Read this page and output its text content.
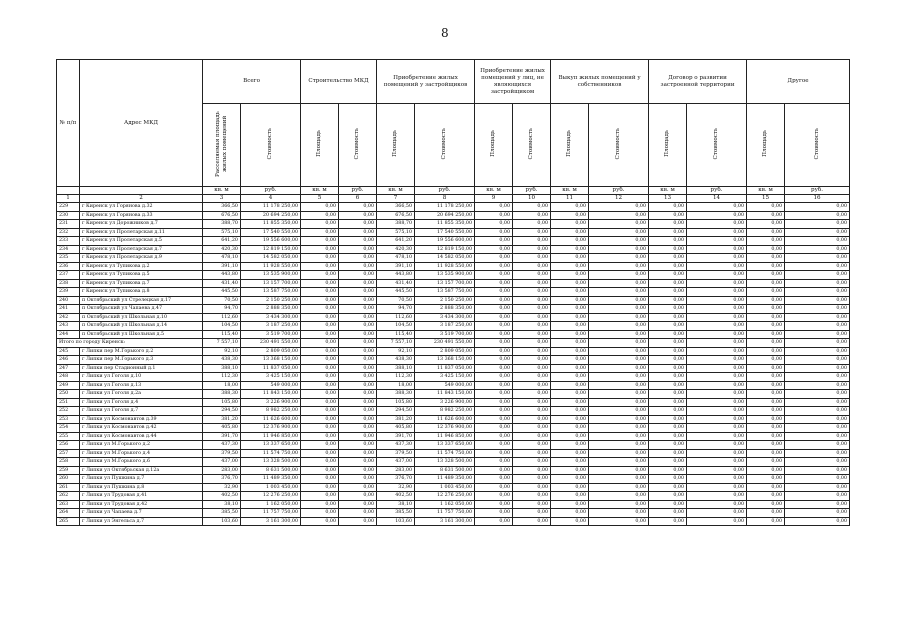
8
№ п/п	Адрес МКД	Всего		Строительство МКД		Приобретение жилых помещений у застройщиков		Приобретение жилых помещений у лиц, не являющихся застройщиком		Выкуп жилых помещений у собственников		Договор о развитии застроенной территории		Другое	
		Расселяемая площадь жилых помещений	Стоимость	Площадь	Стоимость	Площадь	Стоимость	Площадь	Стоимость	Площадь	Стоимость	Площадь	Стоимость	Площадь	Стоимость
		кв. м	руб.	кв. м	руб.	кв. м	руб.	кв. м	руб.	кв. м	руб.	кв. м	руб.	кв. м	руб.
1	2	3	4	5	6	7	8	9	10	11	12	13	14	15	16
229	г Киренск ул Горянова д.32	366,50	11 178 250,00	0,00	0,00	366,50	11 178 250,00	0,00	0,00	0,00	0,00	0,00	0,00	0,00	0,00
230	г Киренск ул Горянова д.33	676,50	20 694 250,00	0,00	0,00	676,50	20 694 250,00	0,00	0,00	0,00	0,00	0,00	0,00	0,00	0,00
231	г Киренск ул Дорожников д.7	388,70	11 855 350,00	0,00	0,00	388,70	11 855 350,00	0,00	0,00	0,00	0,00	0,00	0,00	0,00	0,00
232	г Киренск ул Пролетарская д.11	575,10	17 540 550,00	0,00	0,00	575,10	17 540 550,00	0,00	0,00	0,00	0,00	0,00	0,00	0,00	0,00
233	г Киренск ул Пролетарская д.5	641,20	19 556 600,00	0,00	0,00	641,20	19 556 600,00	0,00	0,00	0,00	0,00	0,00	0,00	0,00	0,00
234	г Киренск ул Пролетарская д.7	420,30	12 819 150,00	0,00	0,00	420,30	12 819 150,00	0,00	0,00	0,00	0,00	0,00	0,00	0,00	0,00
235	г Киренск ул Пролетарская д.9	478,10	14 582 050,00	0,00	0,00	478,10	14 582 050,00	0,00	0,00	0,00	0,00	0,00	0,00	0,00	0,00
236	г Киренск ул Тупикова д.2	391,10	11 928 550,00	0,00	0,00	391,10	11 928 550,00	0,00	0,00	0,00	0,00	0,00	0,00	0,00	0,00
237	г Киренск ул Тупикова д.5	443,80	13 535 900,00	0,00	0,00	443,80	13 535 900,00	0,00	0,00	0,00	0,00	0,00	0,00	0,00	0,00
238	г Киренск ул Тупикова д.7	431,40	13 157 700,00	0,00	0,00	431,40	13 157 700,00	0,00	0,00	0,00	0,00	0,00	0,00	0,00	0,00
239	г Киренск ул Тупикова д.8	445,50	13 587 750,00	0,00	0,00	445,50	13 587 750,00	0,00	0,00	0,00	0,00	0,00	0,00	0,00	0,00
240	п Октябрьский ул Стрелецкая д.17	70,50	2 150 250,00	0,00	0,00	70,50	2 150 250,00	0,00	0,00	0,00	0,00	0,00	0,00	0,00	0,00
241	п Октябрьский ул Чапаева д.47	94,70	2 888 350,00	0,00	0,00	94,70	2 888 350,00	0,00	0,00	0,00	0,00	0,00	0,00	0,00	0,00
242	п Октябрьский ул Школьная д.10	112,60	3 434 300,00	0,00	0,00	112,60	3 434 300,00	0,00	0,00	0,00	0,00	0,00	0,00	0,00	0,00
243	п Октябрьский ул Школьная д.14	104,50	3 187 250,00	0,00	0,00	104,50	3 187 250,00	0,00	0,00	0,00	0,00	0,00	0,00	0,00	0,00
244	п Октябрьский ул Школьная д.5	115,40	3 519 700,00	0,00	0,00	115,40	3 519 700,00	0,00	0,00	0,00	0,00	0,00	0,00	0,00	0,00
Итого по городу Киренск:		7 557,10	230 491 550,00	0,00	0,00	7 557,10	230 491 550,00	0,00	0,00	0,00	0,00	0,00	0,00	0,00	0,00
245	г Липки пер М.Горького д.2	92,10	2 809 050,00	0,00	0,00	92,10	2 809 050,00	0,00	0,00	0,00	0,00	0,00	0,00	0,00	0,00
246	г Липки пер М.Горького д.3	438,30	13 368 150,00	0,00	0,00	438,30	13 368 150,00	0,00	0,00	0,00	0,00	0,00	0,00	0,00	0,00
247	г Липки пер Стадионный д.1	388,10	11 837 050,00	0,00	0,00	388,10	11 837 050,00	0,00	0,00	0,00	0,00	0,00	0,00	0,00	0,00
248	г Липки ул Гоголя д.10	112,30	3 425 150,00	0,00	0,00	112,30	3 425 150,00	0,00	0,00	0,00	0,00	0,00	0,00	0,00	0,00
249	г Липки ул Гоголя д.13	18,00	549 000,00	0,00	0,00	18,00	549 000,00	0,00	0,00	0,00	0,00	0,00	0,00	0,00	0,00
250	г Липки ул Гоголя д.2а	388,30	11 843 150,00	0,00	0,00	388,30	11 843 150,00	0,00	0,00	0,00	0,00	0,00	0,00	0,00	0,00
251	г Липки ул Гоголя д.4	105,80	3 226 900,00	0,00	0,00	105,80	3 226 900,00	0,00	0,00	0,00	0,00	0,00	0,00	0,00	0,00
252	г Липки ул Гоголя д.7	294,50	8 982 250,00	0,00	0,00	294,50	8 982 250,00	0,00	0,00	0,00	0,00	0,00	0,00	0,00	0,00
253	г Липки ул Космонавтов д.39	381,20	11 626 600,00	0,00	0,00	381,20	11 626 600,00	0,00	0,00	0,00	0,00	0,00	0,00	0,00	0,00
254	г Липки ул Космонавтов д.42	405,80	12 376 900,00	0,00	0,00	405,80	12 376 900,00	0,00	0,00	0,00	0,00	0,00	0,00	0,00	0,00
255	г Липки ул Космонавтов д.44	391,70	11 946 850,00	0,00	0,00	391,70	11 946 850,00	0,00	0,00	0,00	0,00	0,00	0,00	0,00	0,00
256	г Липки ул М.Горького д.2	437,30	13 337 650,00	0,00	0,00	437,30	13 337 650,00	0,00	0,00	0,00	0,00	0,00	0,00	0,00	0,00
257	г Липки ул М.Горького д.4	379,50	11 574 750,00	0,00	0,00	379,50	11 574 750,00	0,00	0,00	0,00	0,00	0,00	0,00	0,00	0,00
258	г Липки ул М.Горького д.6	437,00	13 328 500,00	0,00	0,00	437,00	13 328 500,00	0,00	0,00	0,00	0,00	0,00	0,00	0,00	0,00
259	г Липки ул Октябрьская д.12а	283,00	8 631 500,00	0,00	0,00	283,00	8 631 500,00	0,00	0,00	0,00	0,00	0,00	0,00	0,00	0,00
260	г Липки ул Пушкина д.7	376,70	11 489 350,00	0,00	0,00	376,70	11 489 350,00	0,00	0,00	0,00	0,00	0,00	0,00	0,00	0,00
261	г Липки ул Пушкина д.8	32,90	1 003 450,00	0,00	0,00	32,90	1 003 450,00	0,00	0,00	0,00	0,00	0,00	0,00	0,00	0,00
262	г Липки ул Трудовая д.41	402,50	12 276 250,00	0,00	0,00	402,50	12 276 250,00	0,00	0,00	0,00	0,00	0,00	0,00	0,00	0,00
263	г Липки ул Трудовая д.42	38,10	1 162 050,00	0,00	0,00	38,10	1 162 050,00	0,00	0,00	0,00	0,00	0,00	0,00	0,00	0,00
264	г Липки ул Чапаева д.7	385,50	11 757 750,00	0,00	0,00	385,50	11 757 750,00	0,00	0,00	0,00	0,00	0,00	0,00	0,00	0,00
265	г Липки ул Энгельса д.7	103,60	3 161 300,00	0,00	0,00	103,60	3 161 300,00	0,00	0,00	0,00	0,00	0,00	0,00	0,00	0,00
